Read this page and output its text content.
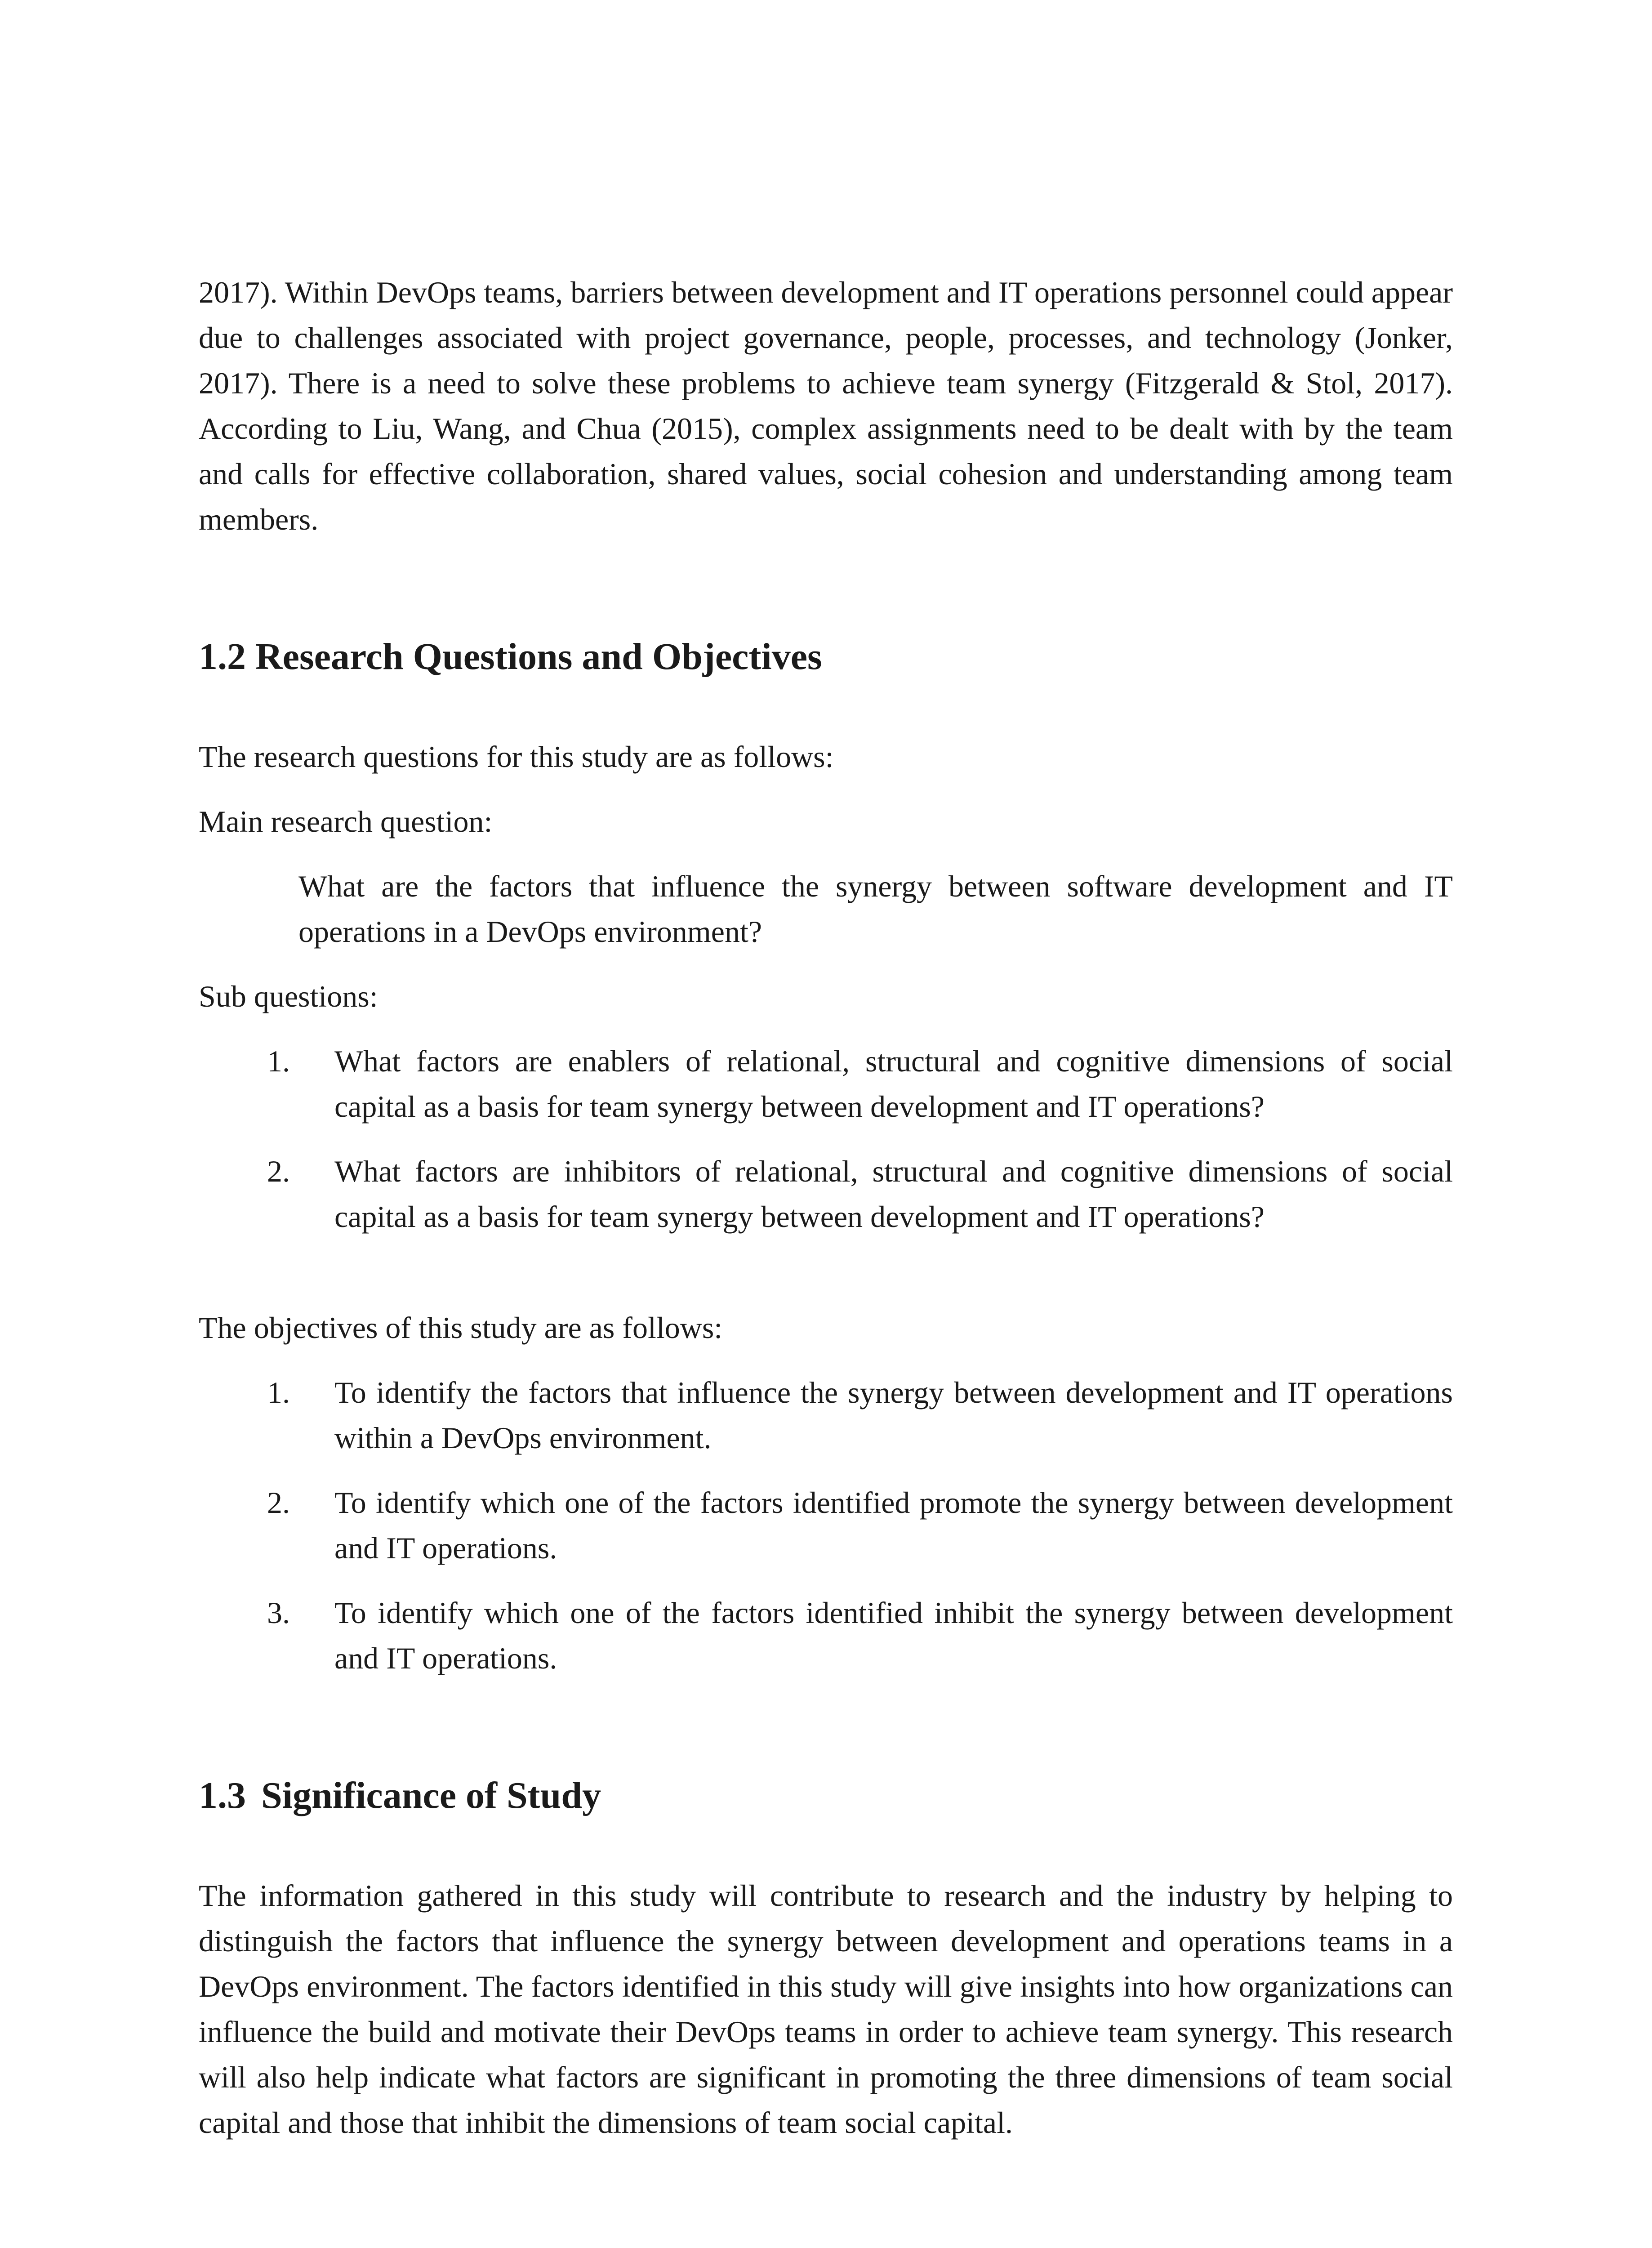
2017). Within DevOps teams, barriers between development and IT operations personnel could appear due to challenges associated with project governance, people, processes, and technology (Jonker, 2017). There is a need to solve these problems to achieve team synergy (Fitzgerald & Stol, 2017). According to Liu, Wang, and Chua (2015), complex assignments need to be dealt with by the team and calls for effective collaboration, shared values, social cohesion and understanding among team members.

1.2 Research Questions and Objectives

The research questions for this study are as follows:

Main research question:

What are the factors that influence the synergy between software development and IT operations in a DevOps environment?

Sub questions:

1. What factors are enablers of relational, structural and cognitive dimensions of social capital as a basis for team synergy between development and IT operations?
2. What factors are inhibitors of relational, structural and cognitive dimensions of social capital as a basis for team synergy between development and IT operations?

The objectives of this study are as follows:

1. To identify the factors that influence the synergy between development and IT operations within a DevOps environment.
2. To identify which one of the factors identified promote the synergy between development and IT operations.
3. To identify which one of the factors identified inhibit the synergy between development and IT operations.
1.3 Significance of Study

The information gathered in this study will contribute to research and the industry by helping to distinguish the factors that influence the synergy between development and operations teams in a DevOps environment. The factors identified in this study will give insights into how organizations can influence the build and motivate their DevOps teams in order to achieve team synergy. This research will also help indicate what factors are significant in promoting the three dimensions of team social capital and those that inhibit the dimensions of team social capital.
